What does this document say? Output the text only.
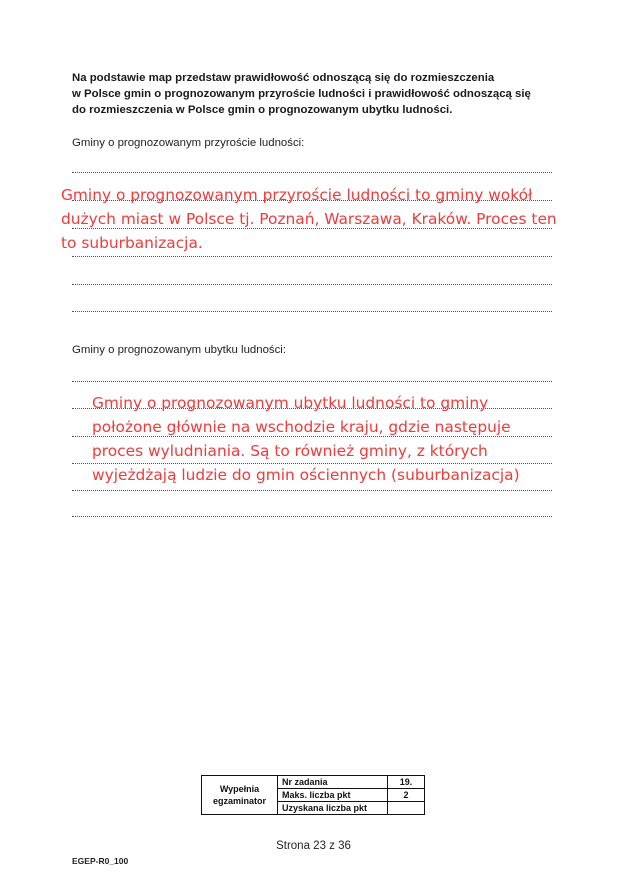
Na podstawie map przedstaw prawidłowość odnoszącą się do rozmieszczenia
w Polsce gmin o prognozowanym przyroście ludności i prawidłowość odnoszącą się
do rozmieszczenia w Polsce gmin o prognozowanym ubytku ludności.
Gminy o prognozowanym przyroście ludności:
Gminy o prognozowanym przyroście ludności to gminy wokół
dużych miast w Polsce tj. Poznań, Warszawa, Kraków. Proces ten
to suburbanizacja.
Gminy o prognozowanym ubytku ludności:
Gminy o prognozowanym ubytku ludności to gminy
położone głównie na wschodzie kraju, gdzie następuje
proces wyludniania. Są to również gminy, z których
wyjeżdżają ludzie do gmin ościennych (suburbanizacja)
Wypełnia
egzaminator	Nr zadania	19.
	Maks. liczba pkt	2
	Uzyskana liczba pkt	
Strona 23 z 36
EGEP-R0_100
